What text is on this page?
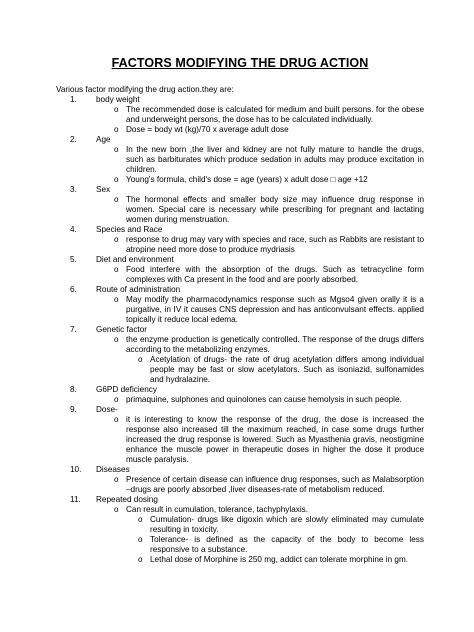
FACTORS MODIFYING THE DRUG ACTION
Various factor modifying the drug action.they are:
1.	body weight
o The recommended dose is calculated for medium and built persons. for the obese and underweight persons, the dose has to be calculated individually.
o Dose = body wt (kg)/70 x average adult dose
2.	Age
o In the new born ,the liver and kidney are not fully mature to handle the drugs, such as barbiturates which produce sedation in adults may produce excitation in children.
o Young's formula, child's dose = age (years) x adult dose □ age +12
3.	Sex
o The hormonal effects and smaller body size may influence drug response in women. Special care is necessary while prescribing for pregnant and lactating women during menstruation.
4.	Species and Race
o response to drug may vary with species and race, such as Rabbits are resistant to atropine need more dose to produce mydriasis
5.	Diet and environment
o Food interfere with the absorption of the drugs. Such as tetracycline form complexes with Ca present in the food and are poorly absorbed.
6.	Route of administration
o May modify the pharmacodynamics response such as Mgso4 given orally it is a purgative, in IV it causes CNS depression and has anticonvulsant effects. applied topically it reduce local edema.
7.	Genetic factor
o the enzyme production is genetically controlled. The response of the drugs differs according to the metabolizing enzymes.
o Acetylation of drugs- the rate of drug acetylation differs among individual people may be fast or slow acetylators. Such as isoniazid, sulfonamides and hydralazine.
8.	G6PD deficiency
o primaquine, sulphones and quinolones can cause hemolysis in such people.
9.	Dose-
o it is interesting to know the response of the drug, the dose is increased the response also increased till the maximum reached, in case some drugs further increased the drug response is lowered. Such as Myasthenia gravis, neostigmine enhance the muscle power in therapeutic doses in higher the dose it produce muscle paralysis.
10.	Diseases
o Presence of certain disease can influence drug responses, such as Malabsorption –drugs are poorly absorbed ,liver diseases-rate of metabolism reduced.
11.	Repeated dosing
o Can result in cumulation, tolerance, tachyphylaxis.
o Cumulation- drugs like digoxin which are slowly eliminated may cumulate resulting in toxicity.
o Tolerance- is defined as the capacity of the body to become less responsive to a substance.
o Lethal dose of Morphine is 250 mg, addict can tolerate morphine in gm.
